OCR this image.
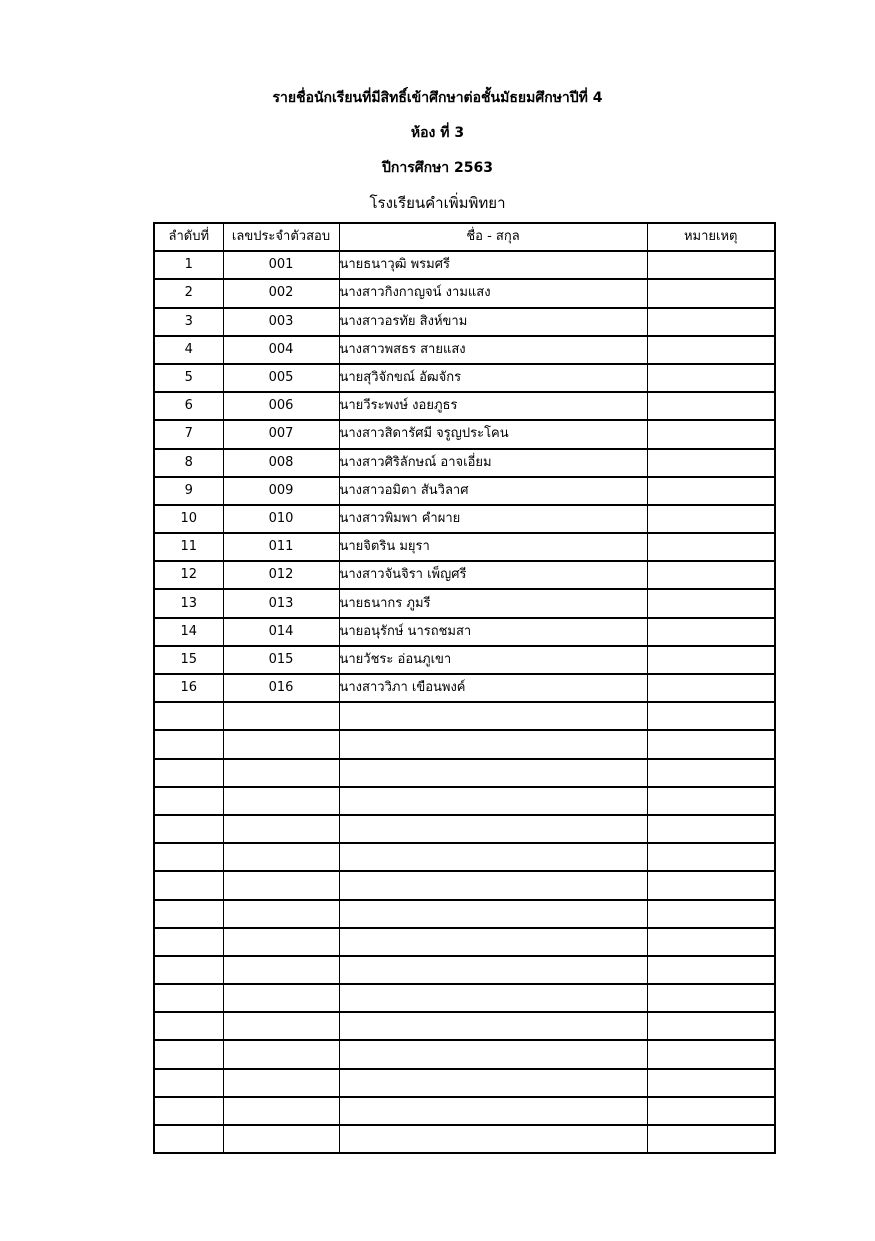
รายชื่อนักเรียนที่มีสิทธิ์เข้าศึกษาต่อชั้นมัธยมศึกษาปีที่ 4
ห้อง ที่ 3
ปีการศึกษา 2563
โรงเรียนคำเพิ่มพิทยา
ลำดับที่	เลขประจำตัวสอบ	ชื่อ - สกุล	หมายเหตุ
1	001	นายธนาวุฒิ พรมศรี	
2	002	นางสาวกิงกาญจน์ งามแสง	
3	003	นางสาวอรทัย สิงห์ขาม	
4	004	นางสาวพสธร สายแสง	
5	005	นายสุวิจักขณ์ อัฒจักร	
6	006	นายวีระพงษ์ งอยภูธร	
7	007	นางสาวสิดารัศมี จรูญประโคน	
8	008	นางสาวศิริลักษณ์ อาจเอี่ยม	
9	009	นางสาวอมิตา สันวิลาศ	
10	010	นางสาวพิมพา คำผาย	
11	011	นายจิตริน มยุรา	
12	012	นางสาวจันจิรา เพ็ญศรี	
13	013	นายธนากร ภูมรี	
14	014	นายอนุรักษ์ นารถชมสา	
15	015	นายวัชระ อ่อนภูเขา	
16	016	นางสาววิภา เขือนพงค์	
